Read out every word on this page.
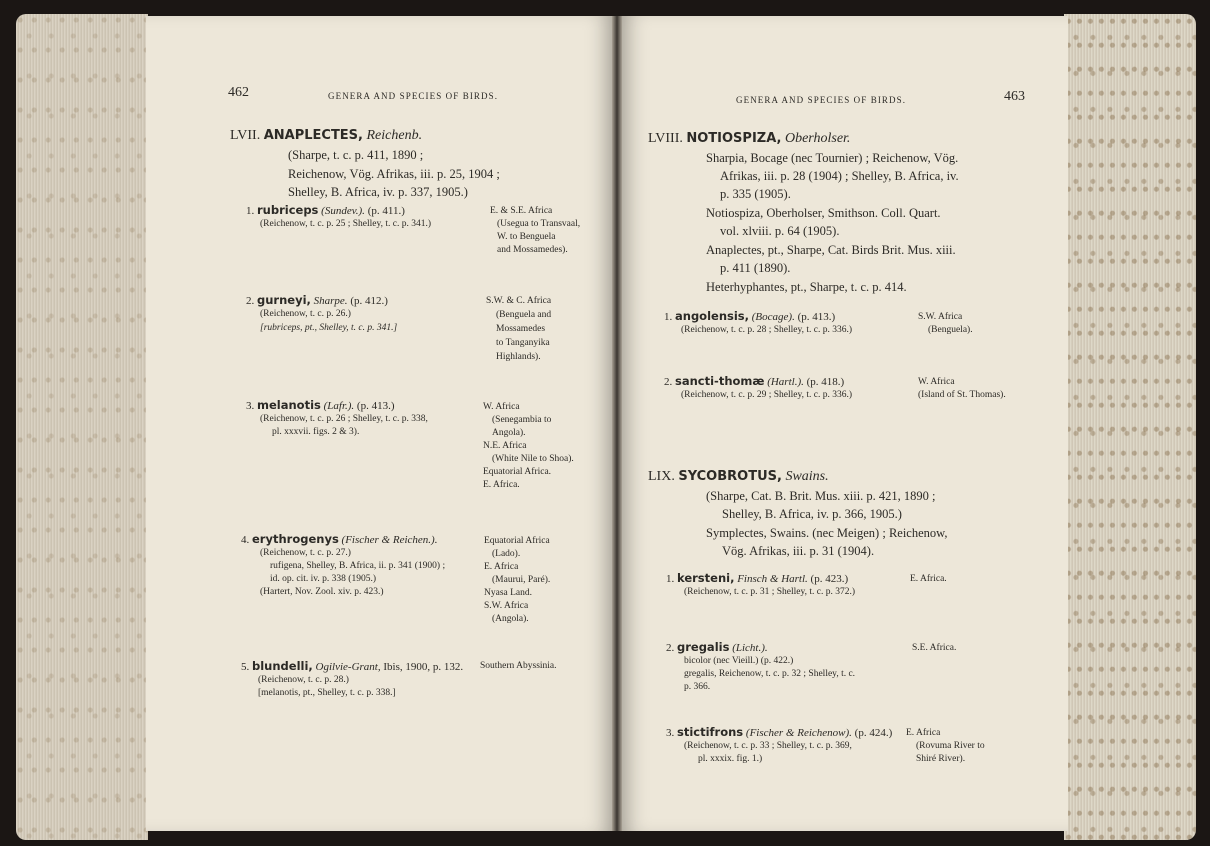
462	GENERA AND SPECIES OF BIRDS.
LVII. ANAPLECTES, Reichenb.
(Sharpe, t. c. p. 411, 1890 ;
Reichenow, Vög. Afrikas, iii. p. 25, 1904 ;
Shelley, B. Africa, iv. p. 337, 1905.)
1. rubriceps (Sundev.). (p. 411.)
(Reichenow, t. c. p. 25 ; Shelley, t. c. p. 341.)
E. & S.E. Africa
(Usegua to Transvaal,
W. to Benguela
and Mossamedes).
2. gurneyi, Sharpe. (p. 412.)
(Reichenow, t. c. p. 26.)
[rubriceps, pt., Shelley, t. c. p. 341.]
S.W. & C. Africa
(Benguela and
Mossamedes
to Tanganyika
Highlands).
3. melanotis (Lafr.). (p. 413.)
(Reichenow, t. c. p. 26 ; Shelley, t. c. p. 338,
pl. xxxvii. figs. 2 & 3).
W. Africa
(Senegambia to
Angola).
N.E. Africa
(White Nile to Shoa).
Equatorial Africa.
E. Africa.
4. erythrogenys (Fischer & Reichen.).
(Reichenow, t. c. p. 27.)
rufigena, Shelley, B. Africa, ii. p. 341 (1900) ;
id. op. cit. iv. p. 338 (1905.)
(Hartert, Nov. Zool. xiv. p. 423.)
Equatorial Africa
(Lado).
E. Africa
(Maurui, Paré).
Nyasa Land.
S.W. Africa
(Angola).
5. blundelli, Ogilvie-Grant, Ibis, 1900, p. 132.
(Reichenow, t. c. p. 28.)
[melanotis, pt., Shelley, t. c. p. 338.]
Southern Abyssinia.
GENERA AND SPECIES OF BIRDS.	463
LVIII. NOTIOSPIZA, Oberholser.
Sharpia, Bocage (nec Tournier) ; Reichenow, Vög.
Afrikas, iii. p. 28 (1904) ; Shelley, B. Africa, iv.
p. 335 (1905).
Notiospiza, Oberholser, Smithson. Coll. Quart.
vol. xlviii. p. 64 (1905).
Anaplectes, pt., Sharpe, Cat. Birds Brit. Mus. xiii.
p. 411 (1890).
Heterhyphantes, pt., Sharpe, t. c. p. 414.
1. angolensis, (Bocage). (p. 413.)
(Reichenow, t. c. p. 28 ; Shelley, t. c. p. 336.)
S.W. Africa
(Benguela).
2. sancti-thomæ (Hartl.). (p. 418.)
(Reichenow, t. c. p. 29 ; Shelley, t. c. p. 336.)
W. Africa
(Island of St. Thomas).
LIX. SYCOBROTUS, Swains.
(Sharpe, Cat. B. Brit. Mus. xiii. p. 421, 1890 ;
Shelley, B. Africa, iv. p. 366, 1905.)
Symplectes, Swains. (nec Meigen) ; Reichenow,
Vög. Afrikas, iii. p. 31 (1904).
1. kersteni, Finsch & Hartl. (p. 423.)
(Reichenow, t. c. p. 31 ; Shelley, t. c. p. 372.)
E. Africa.
2. gregalis (Licht.).
bicolor (nec Vieill.) (p. 422.)
gregalis, Reichenow, t. c. p. 32 ; Shelley, t. c.
p. 366.
S.E. Africa.
3. stictifrons (Fischer & Reichenow). (p. 424.)
(Reichenow, t. c. p. 33 ; Shelley, t. c. p. 369,
pl. xxxix. fig. 1.)
E. Africa
(Rovuma River to
Shiré River).
